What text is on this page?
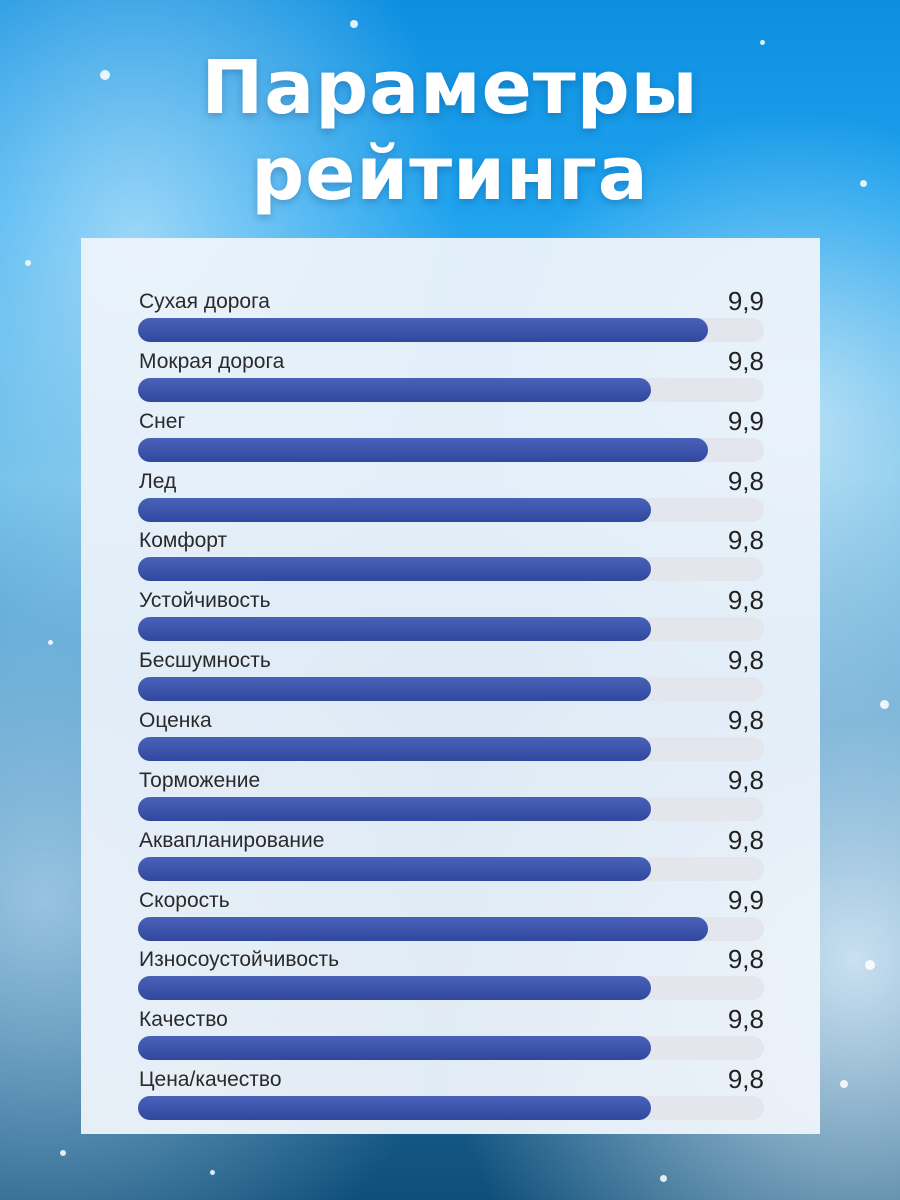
Параметры
рейтинга
Сухая дорога	9,9
Мокрая дорога	9,8
Снег	9,9
Лед	9,8
Комфорт	9,8
Устойчивость	9,8
Бесшумность	9,8
Оценка	9,8
Торможение	9,8
Аквапланирование	9,8
Скорость	9,9
Износоустойчивость	9,8
Качество	9,8
Цена/качество	9,8
